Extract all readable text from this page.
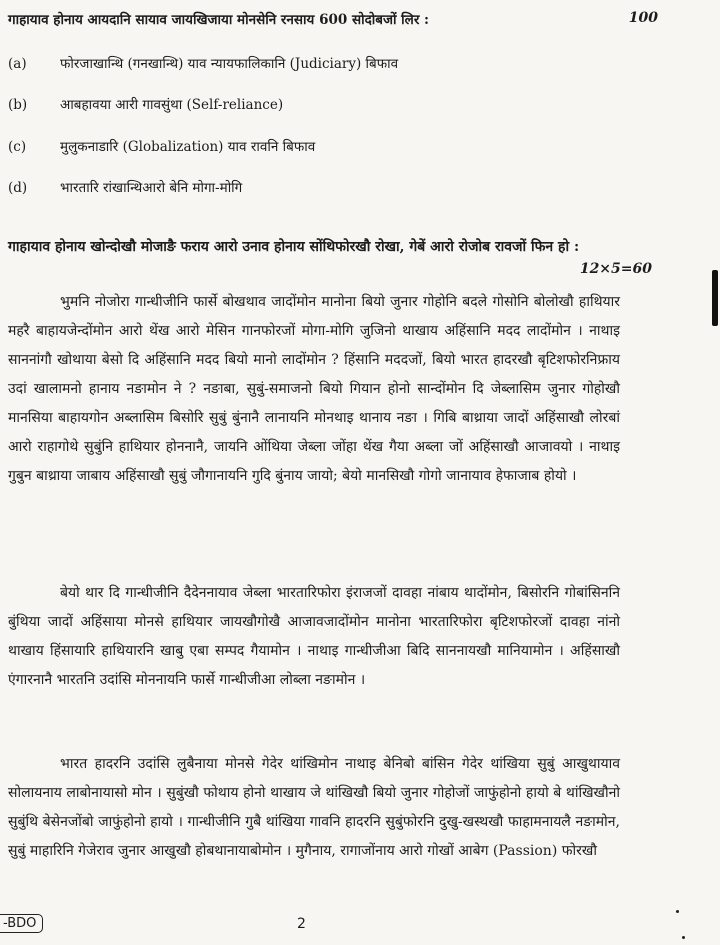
गाहायाव होनाय आयदानि सायाव जायखिजाया मोनसेनि रनसाय 600 सोदोबजों लिर :	100
(a) फोरजाखान्थि (गनखान्थि) याव न्यायफालिकानि (Judiciary) बिफाव
(b) आबहावया आरी गावसुंथा (Self-reliance)
(c)	मुलुकनाडारि (Globalization) याव रावनि बिफाव
(d) भारतारि रांखान्थिआरो बेनि मोगा-मोगि
गाहायाव होनाय खोन्दोखौ मोजाङै फराय आरो उनाव होनाय सोंथिफोरखौ रोखा, गेबें आरो रोजोब रावजों फिन हो :
12×5=60

भुमनि नोजोरा गान्धीजीनि फार्से बोखथाव जादोंमोन मानोना बियो जुनार गोहोनि बदले गोसोनि बोलोखौ हाथियार महरै बाहायजेन्दोंमोन आरो थेंख आरो मेसिन गानफोरजों मोगा-मोगि जुजिनो थाखाय अहिंसानि मदद लादोंमोन । नाथाइ साननांगौ खोथाया बेसो दि अहिंसानि मदद बियो मानो लादोंमोन ? हिंसानि मददजों, बियो भारत हादरखौ बृटिशफोरनिफ्राय उदां खालामनो हानाय नङामोन ने ? नङाबा, सुबुं-समाजनो बियो गियान होनो सान्दोंमोन दि जेब्लासिम जुनार गोहोखौ मानसिया बाहायगोन अब्लासिम बिसोरि सुबुं बुंनानै लानायनि मोनथाइ थानाय नङा । गिबि बाथ्राया जादों अहिंसाखौ लोरबां आरो राहागोथे सुबुंनि हाथियार होननानै, जायनि ओंथिया जेब्ला जोंहा थेंख गैया अब्ला जों अहिंसाखौ आजावयो । नाथाइ गुबुन बाथ्राया जाबाय अहिंसाखौ सुबुं जौगानायनि गुदि बुंनाय जायो; बेयो मानसिखौ गोगो जानायाव हेफाजाब होयो ।

बेयो थार दि गान्धीजीनि दैदेननायाव जेब्ला भारतारिफोरा इंराजजों दावहा नांबाय थादोंमोन, बिसोरनि गोबांसिननि बुंथिया जादों अहिंसाया मोनसे हाथियार जायखौगोखै आजावजादोंमोन मानोना भारतारिफोरा बृटिशफोरजों दावहा नांनो थाखाय हिंसायारि हाथियारनि खाबु एबा सम्पद गैयामोन । नाथाइ गान्धीजीआ बिदि साननायखौ मानियामोन । अहिंसाखौ एंगारनानै भारतनि उदांसि मोननायनि फार्से गान्धीजीआ लोब्ला नङामोन ।

भारत हादरनि उदांसि लुबैनाया मोनसे गेदेर थांखिमोन नाथाइ बेनिबो बांसिन गेदेर थांखिया सुबुं आखुथायाव सोलायनाय लाबोनायासो मोन । सुबुंखौ फोथाय होनो थाखाय जे थांखिखौ बियो जुनार गोहोजों जाफुंहोनो हायो बे थांखिखौनो सुबुंथि बेसेनजोंबो जाफुंहोनो हायो । गान्धीजीनि गुबै थांखिया गावनि हादरनि सुबुंफोरनि दुखु-खस्थखौ फाहामनायलै नङामोन, सुबुं माहारिनि गेजेराव जुनार आखुखौ होबथानायाबोमोन । मुगैनाय, रागाजोंनाय आरो गोखों आबेग (Passion) फोरखौ

-BDO	2
